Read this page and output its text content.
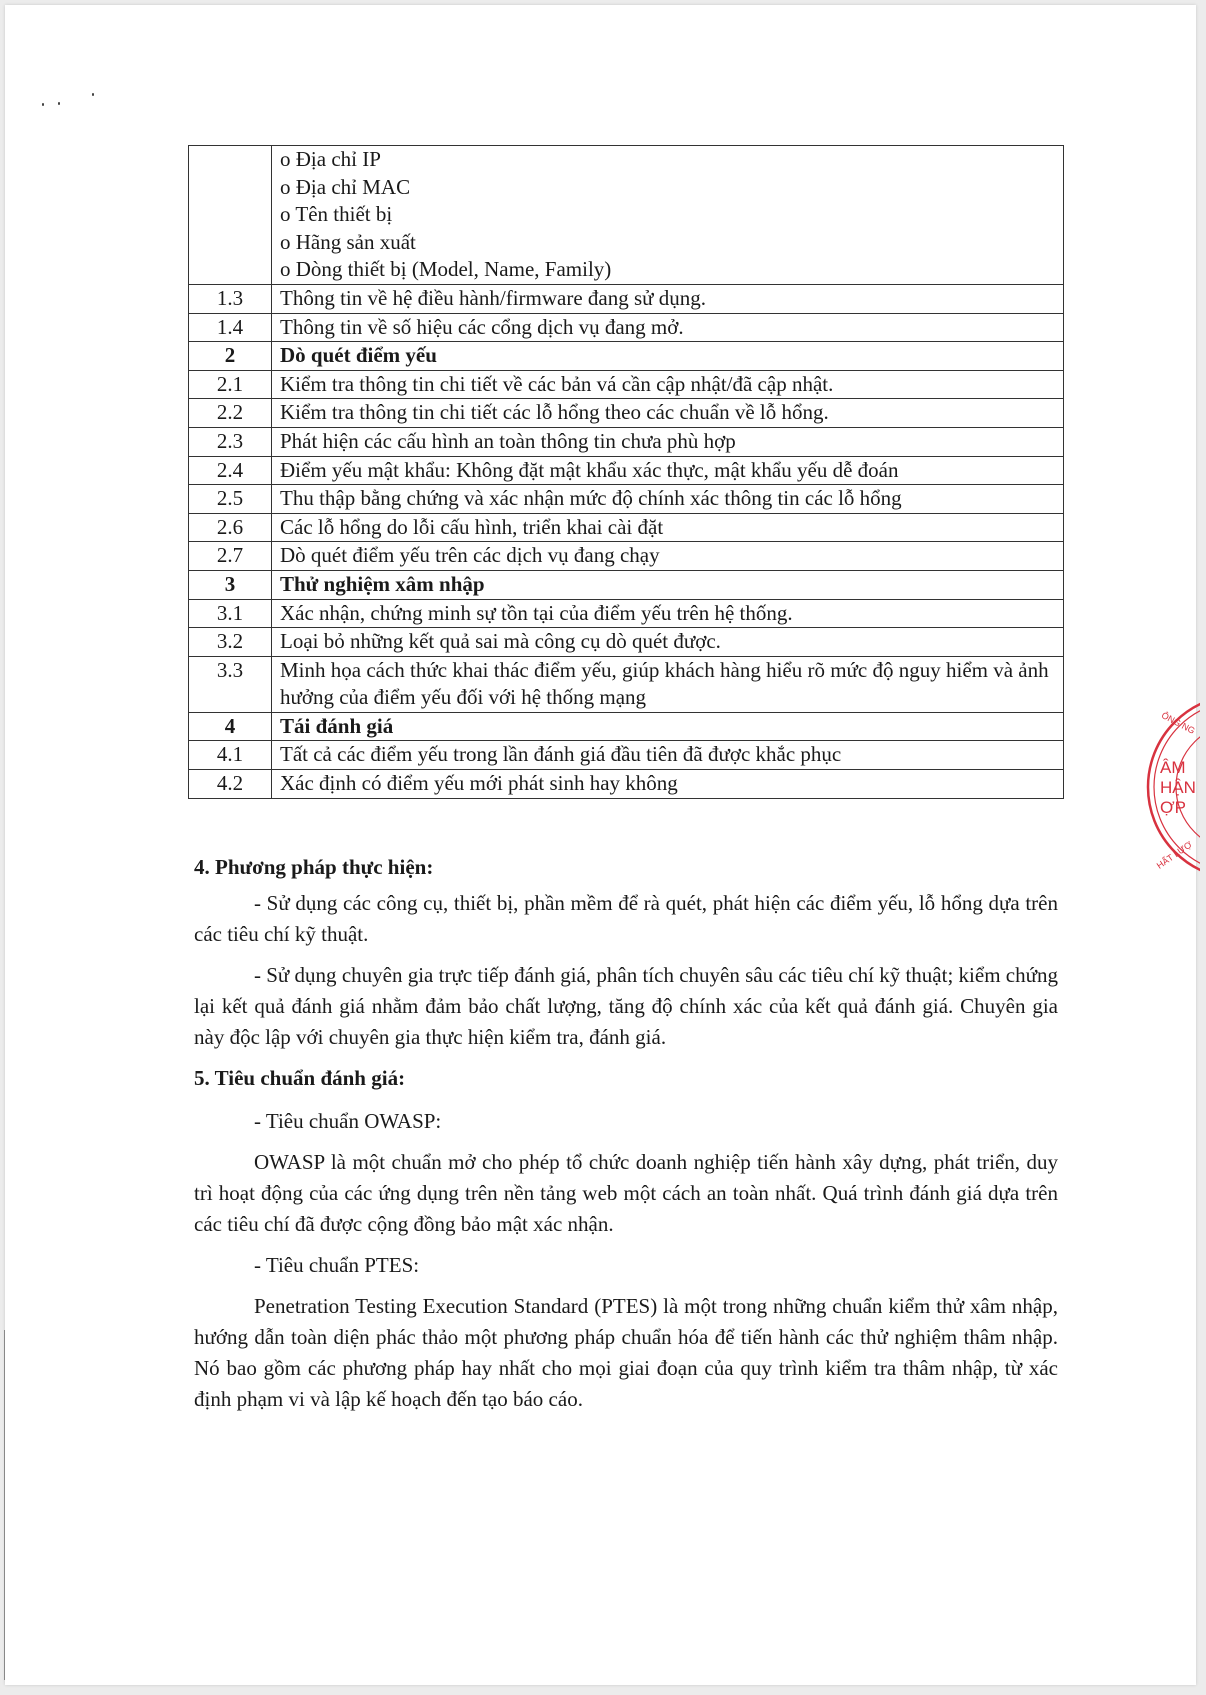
	o Địa chỉ IP
o Địa chỉ MAC
o Tên thiết bị
o Hãng sản xuất
o Dòng thiết bị (Model, Name, Family)

1.3	Thông tin về hệ điều hành/firmware đang sử dụng.
1.4	Thông tin về số hiệu các cổng dịch vụ đang mở.
2	Dò quét điểm yếu
2.1	Kiểm tra thông tin chi tiết về các bản vá cần cập nhật/đã cập nhật.
2.2	Kiểm tra thông tin chi tiết các lỗ hổng theo các chuẩn về lỗ hổng.
2.3	Phát hiện các cấu hình an toàn thông tin chưa phù hợp
2.4	Điểm yếu mật khẩu: Không đặt mật khẩu xác thực, mật khẩu yếu dễ đoán
2.5	Thu thập bằng chứng và xác nhận mức độ chính xác thông tin các lỗ hổng
2.6	Các lỗ hổng do lỗi cấu hình, triển khai cài đặt
2.7	Dò quét điểm yếu trên các dịch vụ đang chạy
3	Thử nghiệm xâm nhập
3.1	Xác nhận, chứng minh sự tồn tại của điểm yếu trên hệ thống.
3.2	Loại bỏ những kết quả sai mà công cụ dò quét được.
3.3	Minh họa cách thức khai thác điểm yếu, giúp khách hàng hiểu rõ mức độ nguy hiểm và ảnh hưởng của điểm yếu đối với hệ thống mạng
4	Tái đánh giá
4.1	Tất cả các điểm yếu trong lần đánh giá đầu tiên đã được khắc phục
4.2	Xác định có điểm yếu mới phát sinh hay không

4. Phương pháp thực hiện:

- Sử dụng các công cụ, thiết bị, phần mềm để rà quét, phát hiện các điểm yếu, lỗ hổng dựa trên các tiêu chí kỹ thuật.

- Sử dụng chuyên gia trực tiếp đánh giá, phân tích chuyên sâu các tiêu chí kỹ thuật; kiểm chứng lại kết quả đánh giá nhằm đảm bảo chất lượng, tăng độ chính xác của kết quả đánh giá. Chuyên gia này độc lập với chuyên gia thực hiện kiểm tra, đánh giá.

5. Tiêu chuẩn đánh giá:

- Tiêu chuẩn OWASP:

OWASP là một chuẩn mở cho phép tổ chức doanh nghiệp tiến hành xây dựng, phát triển, duy trì hoạt động của các ứng dụng trên nền tảng web một cách an toàn nhất. Quá trình đánh giá dựa trên các tiêu chí đã được cộng đồng bảo mật xác nhận.

- Tiêu chuẩn PTES:

Penetration Testing Execution Standard (PTES) là một trong những chuẩn kiểm thử xâm nhập, hướng dẫn toàn diện phác thảo một phương pháp chuẩn hóa để tiến hành các thử nghiệm thâm nhập. Nó bao gồm các phương pháp hay nhất cho mọi giai đoạn của quy trình kiểm tra thâm nhập, từ xác định phạm vi và lập kế hoạch đến tạo báo cáo.

ÔNG NG
ÂM
HẬN
ỢP
HẤT LƯỢ
